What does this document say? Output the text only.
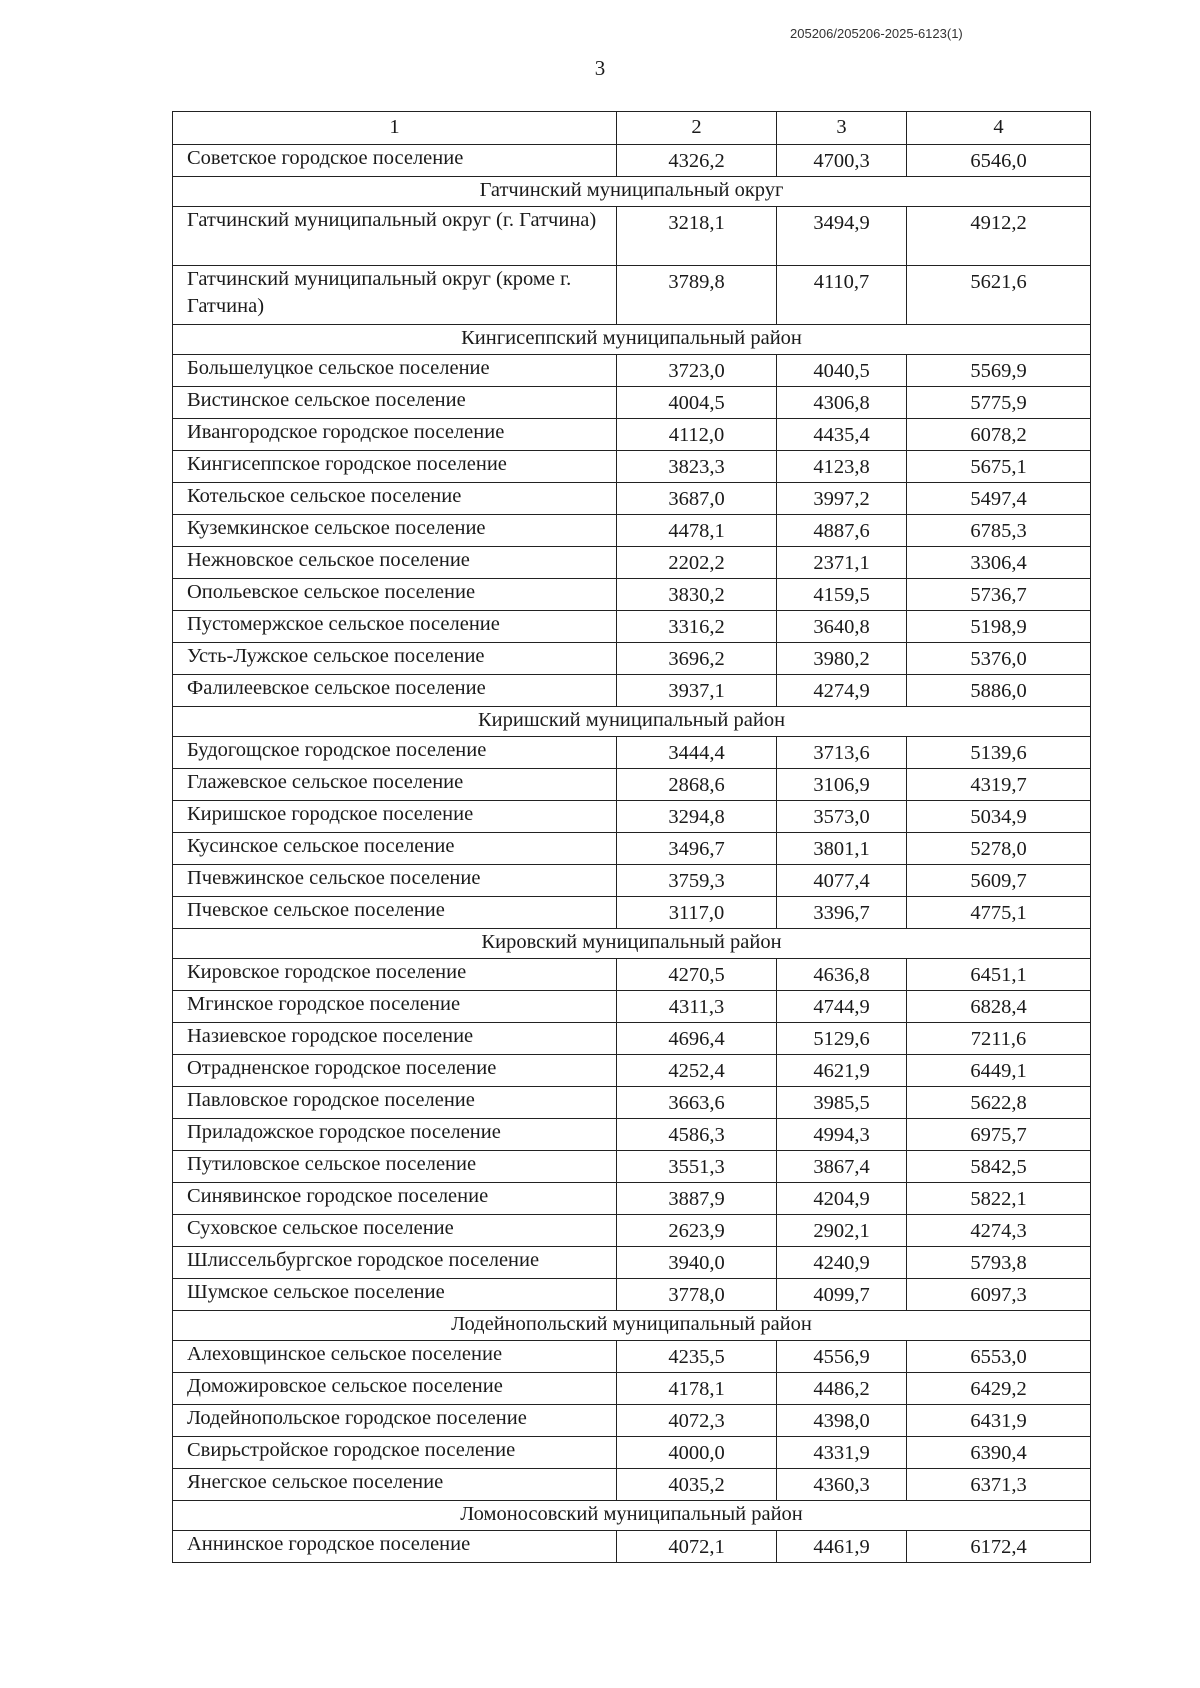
205206/205206-2025-6123(1)
3
1	2	3	4
Советское городское поселение	4326,2	4700,3	6546,0
Гатчинский муниципальный округ			
Гатчинский муниципальный округ (г. Гатчина)	3218,1	3494,9	4912,2
Гатчинский муниципальный округ (кроме г. Гатчина)	3789,8	4110,7	5621,6
Кингисеппский муниципальный район			
Большелуцкое сельское поселение	3723,0	4040,5	5569,9
Вистинское сельское поселение	4004,5	4306,8	5775,9
Ивангородское городское поселение	4112,0	4435,4	6078,2
Кингисеппское городское поселение	3823,3	4123,8	5675,1
Котельское сельское поселение	3687,0	3997,2	5497,4
Куземкинское сельское поселение	4478,1	4887,6	6785,3
Нежновское сельское поселение	2202,2	2371,1	3306,4
Опольевское сельское поселение	3830,2	4159,5	5736,7
Пустомержское сельское поселение	3316,2	3640,8	5198,9
Усть-Лужское сельское поселение	3696,2	3980,2	5376,0
Фалилеевское сельское поселение	3937,1	4274,9	5886,0
Киришский муниципальный район			
Будогощское городское поселение	3444,4	3713,6	5139,6
Глажевское сельское поселение	2868,6	3106,9	4319,7
Киришское городское поселение	3294,8	3573,0	5034,9
Кусинское сельское поселение	3496,7	3801,1	5278,0
Пчевжинское сельское поселение	3759,3	4077,4	5609,7
Пчевское сельское поселение	3117,0	3396,7	4775,1
Кировский муниципальный район			
Кировское городское поселение	4270,5	4636,8	6451,1
Мгинское городское поселение	4311,3	4744,9	6828,4
Назиевское городское поселение	4696,4	5129,6	7211,6
Отрадненское городское поселение	4252,4	4621,9	6449,1
Павловское городское поселение	3663,6	3985,5	5622,8
Приладожское городское поселение	4586,3	4994,3	6975,7
Путиловское сельское поселение	3551,3	3867,4	5842,5
Синявинское городское поселение	3887,9	4204,9	5822,1
Суховское сельское поселение	2623,9	2902,1	4274,3
Шлиссельбургское городское поселение	3940,0	4240,9	5793,8
Шумское сельское поселение	3778,0	4099,7	6097,3
Лодейнопольский муниципальный район			
Алеховщинское сельское поселение	4235,5	4556,9	6553,0
Доможировское сельское поселение	4178,1	4486,2	6429,2
Лодейнопольское городское поселение	4072,3	4398,0	6431,9
Свирьстройское городское поселение	4000,0	4331,9	6390,4
Янегское сельское поселение	4035,2	4360,3	6371,3
Ломоносовский муниципальный район			
Аннинское городское поселение	4072,1	4461,9	6172,4
